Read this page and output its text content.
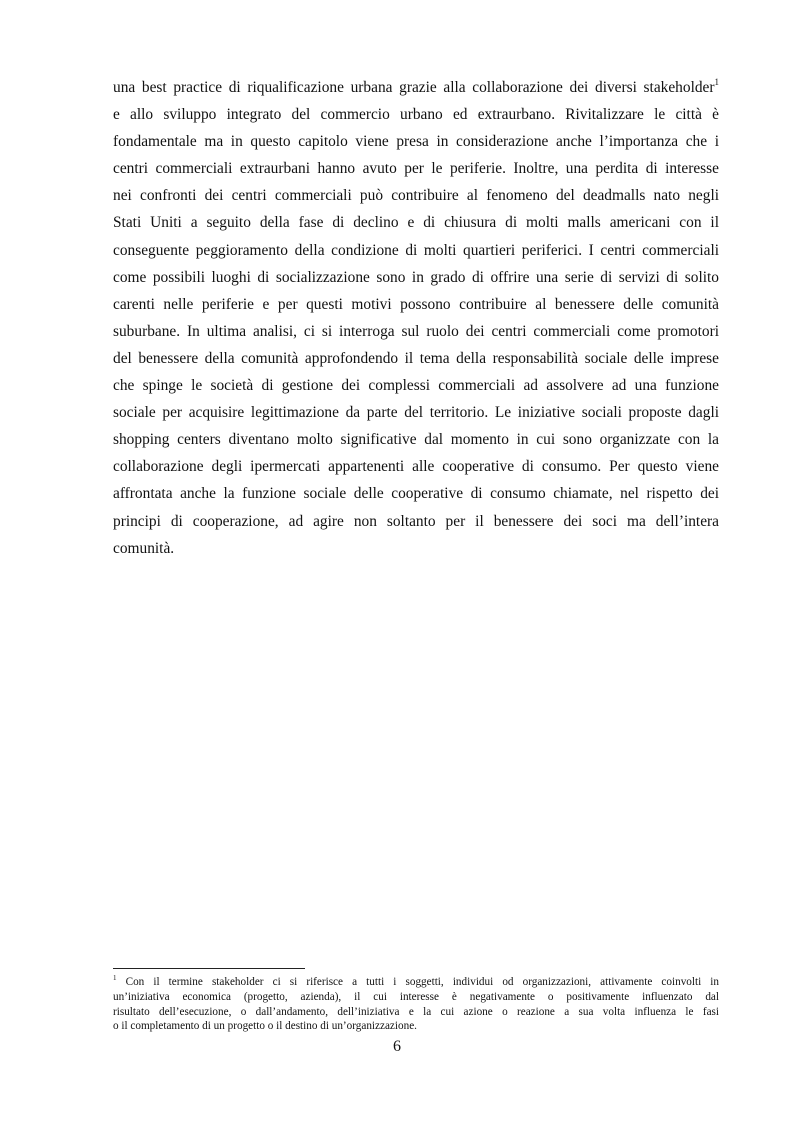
una best practice di riqualificazione urbana grazie alla collaborazione dei diversi stakeholder$^1$
e allo sviluppo integrato del commercio urbano ed extraurbano. Rivitalizzare le città è
fondamentale ma in questo capitolo viene presa in considerazione anche l’importanza che i
centri commerciali extraurbani hanno avuto per le periferie. Inoltre, una perdita di interesse
nei confronti dei centri commerciali può contribuire al fenomeno del deadmalls nato negli
Stati Uniti a seguito della fase di declino e di chiusura di molti malls americani con il
conseguente peggioramento della condizione di molti quartieri periferici. I centri commerciali
come possibili luoghi di socializzazione sono in grado di offrire una serie di servizi di solito
carenti nelle periferie e per questi motivi possono contribuire al benessere delle comunità
suburbane. In ultima analisi, ci si interroga sul ruolo dei centri commerciali come promotori
del benessere della comunità approfondendo il tema della responsabilità sociale delle imprese
che spinge le società di gestione dei complessi commerciali ad assolvere ad una funzione
sociale per acquisire legittimazione da parte del territorio. Le iniziative sociali proposte dagli
shopping centers diventano molto significative dal momento in cui sono organizzate con la
collaborazione degli ipermercati appartenenti alle cooperative di consumo. Per questo viene
affrontata anche la funzione sociale delle cooperative di consumo chiamate, nel rispetto dei
principi di cooperazione, ad agire non soltanto per il benessere dei soci ma dell’intera
comunità.
$^1$ Con il termine stakeholder ci si riferisce a tutti i soggetti, individui od organizzazioni, attivamente coinvolti in
un’iniziativa economica (progetto, azienda), il cui interesse è negativamente o positivamente influenzato dal
risultato dell’esecuzione, o dall’andamento, dell’iniziativa e la cui azione o reazione a sua volta influenza le fasi
o il completamento di un progetto o il destino di un’organizzazione.
6
